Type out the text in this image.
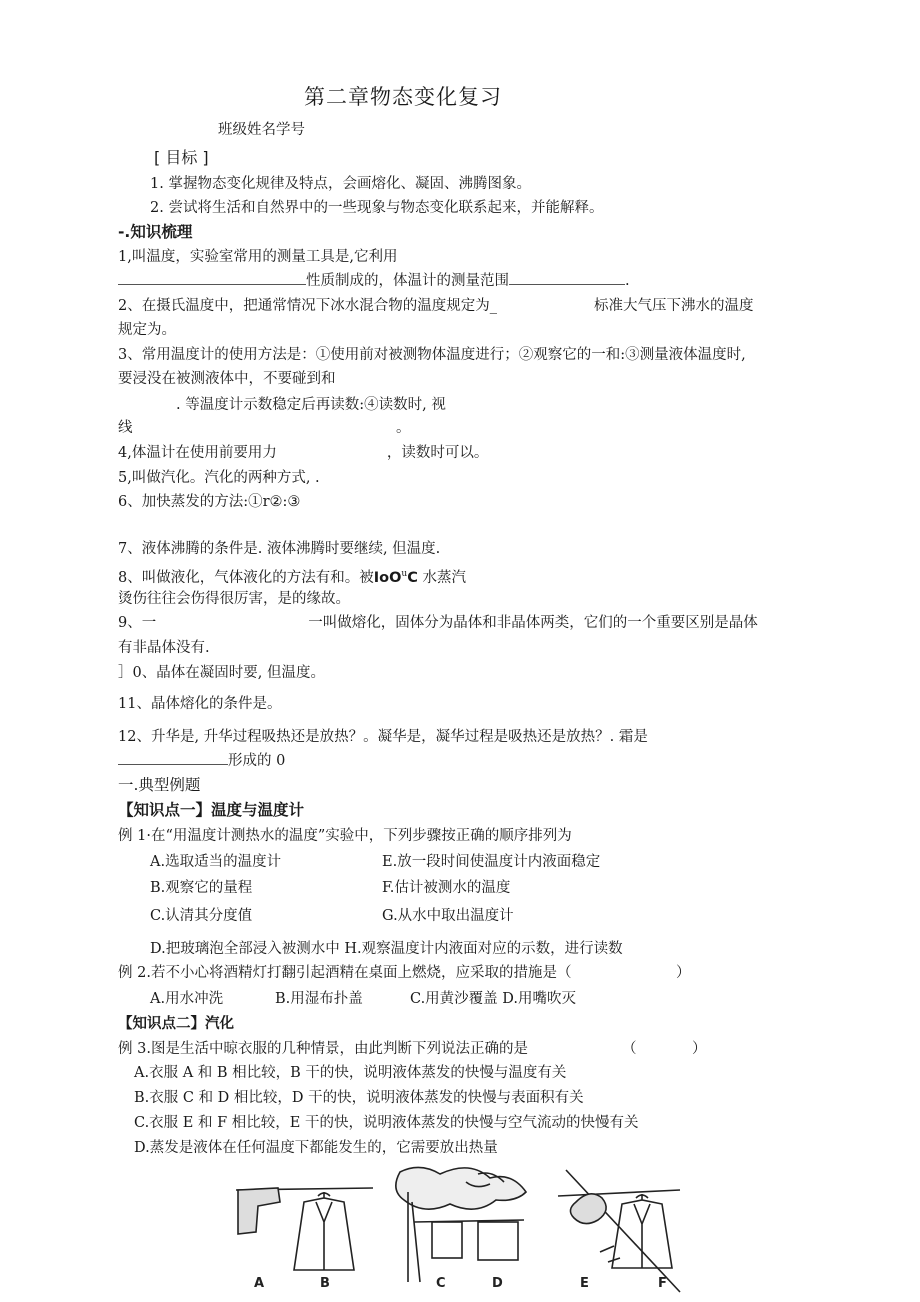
第二章物态变化复习
班级姓名学号
[ 目标 ]
1. 掌握物态变化规律及特点，会画熔化、凝固、沸腾图象。
2. 尝试将生活和自然界中的一些现象与物态变化联系起来，并能解释。
-.知识梳理
1,叫温度，实验室常用的测量工具是,它利用
性质制成的，体温计的测量范围	.
2、在摄氏温度中，把通常情况下冰水混合物的温度规定为_	标准大气压下沸水的温度
规定为。
3、常用温度计的使用方法是：①使用前对被测物体温度进行；②观察它的一和:③测量液体温度时,
要浸没在被测液体中，不要碰到和
. 等温度计示数稳定后再读数:④读数时, 视
线	。
4,体温计在使用前要用力	，读数时可以。
5,叫做汽化。汽化的两种方式, .
6、加快蒸发的方法:①r②:③
7、液体沸腾的条件是. 液体沸腾时要继续, 但温度.
8、叫做液化，气体液化的方法有和。被IoO$^u$C 水蒸汽
烫伤往往会伤得很厉害，是的缘故。
9、一	一叫做熔化，固体分为晶体和非晶体两类，它们的一个重要区别是晶体
有非晶体没有.
］0、晶体在凝固时要, 但温度。
11、晶体熔化的条件是。
12、升华是, 升华过程吸热还是放热？。凝华是，凝华过程是吸热还是放热？. 霜是
形成的 0
一.典型例题
【知识点一】温度与温度计
例 1·在“用温度计测热水的温度”实验中，下列步骤按正确的顺序排列为
A.选取适当的温度计	E.放一段时间使温度计内液面稳定
B.观察它的量程	F.估计被测水的温度
C.认清其分度值	G.从水中取出温度计
D.把玻璃泡全部浸入被测水中 H.观察温度计内液面对应的示数，进行读数
例 2.若不小心将酒精灯打翻引起酒精在桌面上燃烧，应采取的措施是（	）
A.用水冲洗	B.用湿布扑盖	C.用黄沙覆盖 D.用嘴吹灭
【知识点二】汽化
例 3.图是生活中晾衣服的几种情景，由此判断下列说法正确的是	（	）
A.衣服 A 和 B 相比较，B 干的快，说明液体蒸发的快慢与温度有关
B.衣服 C 和 D 相比较，D 干的快，说明液体蒸发的快慢与表面积有关
C.衣服 E 和 F 相比较，E 干的快，说明液体蒸发的快慢与空气流动的快慢有关
D.蒸发是液体在任何温度下都能发生的，它需要放出热量
A	B	C	D	E	F
